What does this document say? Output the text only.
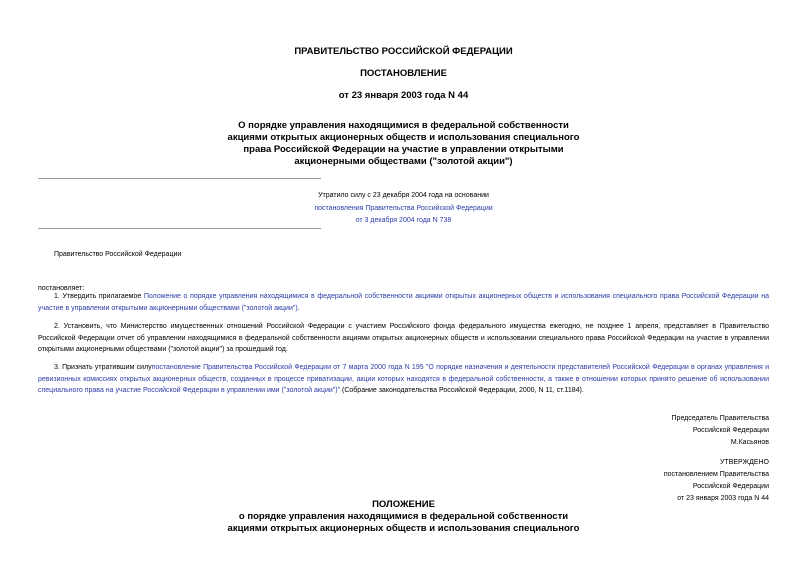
ПРАВИТЕЛЬСТВО РОССИЙСКОЙ ФЕДЕРАЦИИ
ПОСТАНОВЛЕНИЕ
от 23 января 2003 года N 44
О порядке управления находящимися в федеральной собственности
акциями открытых акционерных обществ и использования специального
права Российской Федерации на участие в управлении открытыми
акционерными обществами ("золотой акции")
Утратило силу с 23 декабря 2004 года на основании
постановления Правительства Российской Федерации
от 3 декабря 2004 года N 738
Правительство Российской Федерации
постановляет:
1. Утвердить прилагаемое Положение о порядке управления находящимися в федеральной собственности акциями открытых акционерных обществ и использования специального права Российской Федерации на участие в управлении открытыми акционерными обществами ("золотой акции").
2. Установить, что Министерство имущественных отношений Российской Федерации с участием Российского фонда федерального имущества ежегодно, не позднее 1 апреля, представляет в Правительство Российской Федерации отчет об управлении находящимися в федеральной собственности акциями открытых акционерных обществ и использовании специального права Российской Федерации на участие в управлении открытыми акционерными обществами ("золотой акции") за прошедший год.
3. Признать утратившим силупостановление Правительства Российской Федерации от 7 марта 2000 года N 195 "О порядке назначения и деятельности представителей Российской Федерации в органах управления и ревизионных комиссиях открытых акционерных обществ, созданных в процессе приватизации, акции которых находятся в федеральной собственности, а также в отношении которых принято решение об использовании специального права на участие Российской Федерации в управлении ими ("золотой акции")" (Собрание законодательства Российской Федерации, 2000, N 11, ст.1184).
Председатель Правительства
Российской Федерации
М.Касьянов
УТВЕРЖДЕНО
постановлением Правительства
Российской Федерации
от 23 января 2003 года N 44
ПОЛОЖЕНИЕ
о порядке управления находящимися в федеральной собственности
акциями открытых акционерных обществ и использования специального
